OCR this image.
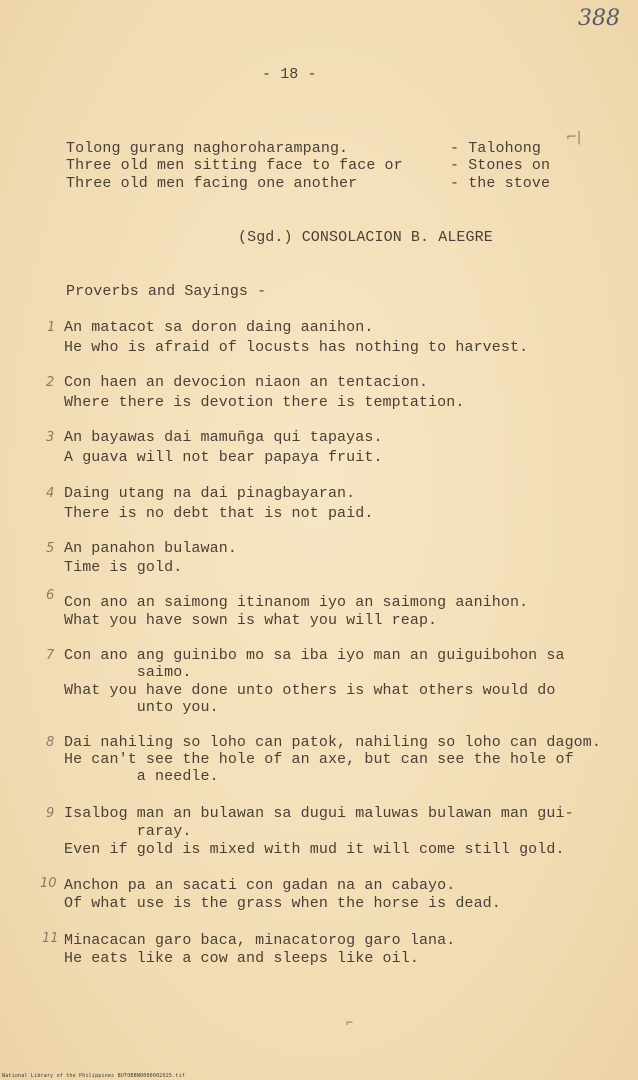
388
- 18 -
Tolong gurang naghoroharampang.	- Talohong
Three old men sitting face to face or	- Stones on
Three old men facing one another	- the stove
⌐|
(Sgd.) CONSOLACION B. ALEGRE
Proverbs and Sayings -
1 An matacot sa doron daing aanihon.
He who is afraid of locusts has nothing to harvest.
2 Con haen an devocion niaon an tentacion.
Where there is devotion there is temptation.
3 An bayawas dai mamuñga qui tapayas.
A guava will not bear papaya fruit.
4 Daing utang na dai pinagbayaran.
There is no debt that is not paid.
5 An panahon bulawan.
Time is gold.
6 Con ano an saimong itinanom iyo an saimong aanihon.
What you have sown is what you will reap.
7 Con ano ang guinibo mo sa iba iyo man an guiguibohon sa
saimo.
What you have done unto others is what others would do
unto you.
8 Dai nahiling so loho can patok, nahiling so loho can dagom.
He can't see the hole of an axe, but can see the hole of
a needle.
9 Isalbog man an bulawan sa dugui maluwas bulawan man gui-
raray.
Even if gold is mixed with mud it will come still gold.
10 Anchon pa an sacati con gadan na an cabayo.
Of what use is the grass when the horse is dead.
11 Minacacan garo baca, minacatorog garo lana.
He eats like a cow and sleeps like oil.
⌐
National Library of the Philippines BUTOBBN0000002025.tif
